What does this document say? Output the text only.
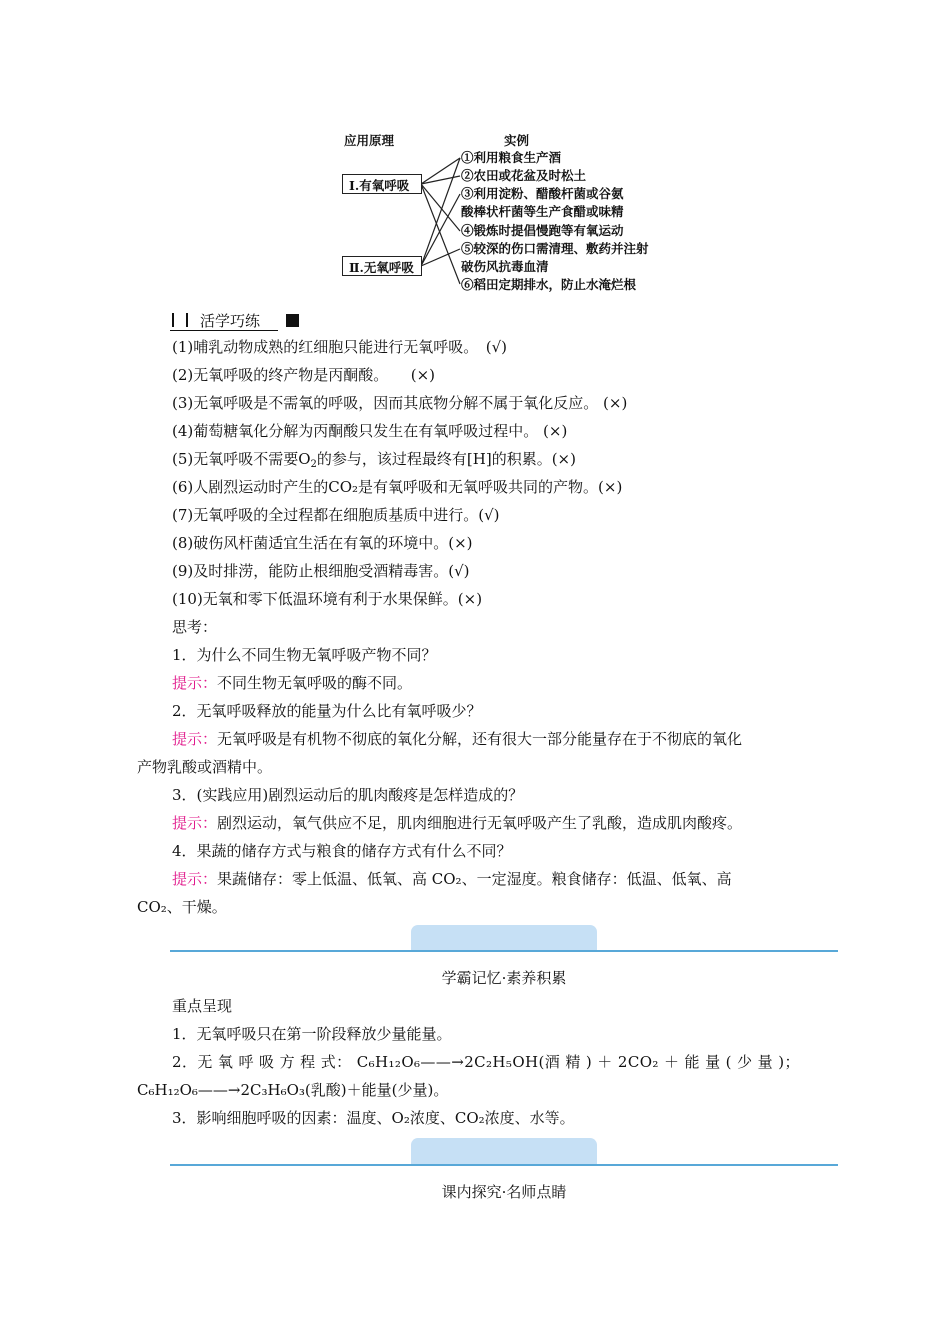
应用原理	实例
Ⅰ.有氧呼吸
Ⅱ.无氧呼吸
①利用粮食生产酒
②农田或花盆及时松土
③利用淀粉、醋酸杆菌或谷氨
酸棒状杆菌等生产食醋或味精
④锻炼时提倡慢跑等有氧运动
⑤较深的伤口需清理、敷药并注射
破伤风抗毒血清
⑥稻田定期排水，防止水淹烂根
活学巧练
(1)哺乳动物成熟的红细胞只能进行无氧呼吸。　(√)
(2)无氧呼吸的终产物是丙酮酸。　　(×)
(3)无氧呼吸是不需氧的呼吸，因而其底物分解不属于氧化反应。 (×)
(4)葡萄糖氧化分解为丙酮酸只发生在有氧呼吸过程中。 (×)
(5)无氧呼吸不需要$O_2$的参与，该过程最终有[H]的积累。(×)
(6)人剧烈运动时产生的CO₂是有氧呼吸和无氧呼吸共同的产物。(×)
(7)无氧呼吸的全过程都在细胞质基质中进行。(√)
(8)破伤风杆菌适宜生活在有氧的环境中。(×)
(9)及时排涝，能防止根细胞受酒精毒害。(√)
(10)无氧和零下低温环境有利于水果保鲜。(×)
思考：
1．为什么不同生物无氧呼吸产物不同？
提示：不同生物无氧呼吸的酶不同。
2．无氧呼吸释放的能量为什么比有氧呼吸少？
提示：无氧呼吸是有机物不彻底的氧化分解，还有很大一部分能量存在于不彻底的氧化
产物乳酸或酒精中。
3．(实践应用)剧烈运动后的肌肉酸疼是怎样造成的？
提示：剧烈运动，氧气供应不足，肌肉细胞进行无氧呼吸产生了乳酸，造成肌肉酸疼。
4．果蔬的储存方式与粮食的储存方式有什么不同？
提示：果蔬储存：零上低温、低氧、高 CO₂、一定湿度。粮食储存：低温、低氧、高
CO₂、干燥。
学霸记忆·素养积累
重点呈现
1．无氧呼吸只在第一阶段释放少量能量。
2．无 氧 呼 吸 方 程 式： C₆H₁₂O₆——→2C₂H₅OH(酒 精 ) ＋ 2CO₂ ＋ 能 量 ( 少 量 )；
C₆H₁₂O₆——→2C₃H₆O₃(乳酸)＋能量(少量)。
3．影响细胞呼吸的因素：温度、O₂浓度、CO₂浓度、水等。
课内探究·名师点睛
